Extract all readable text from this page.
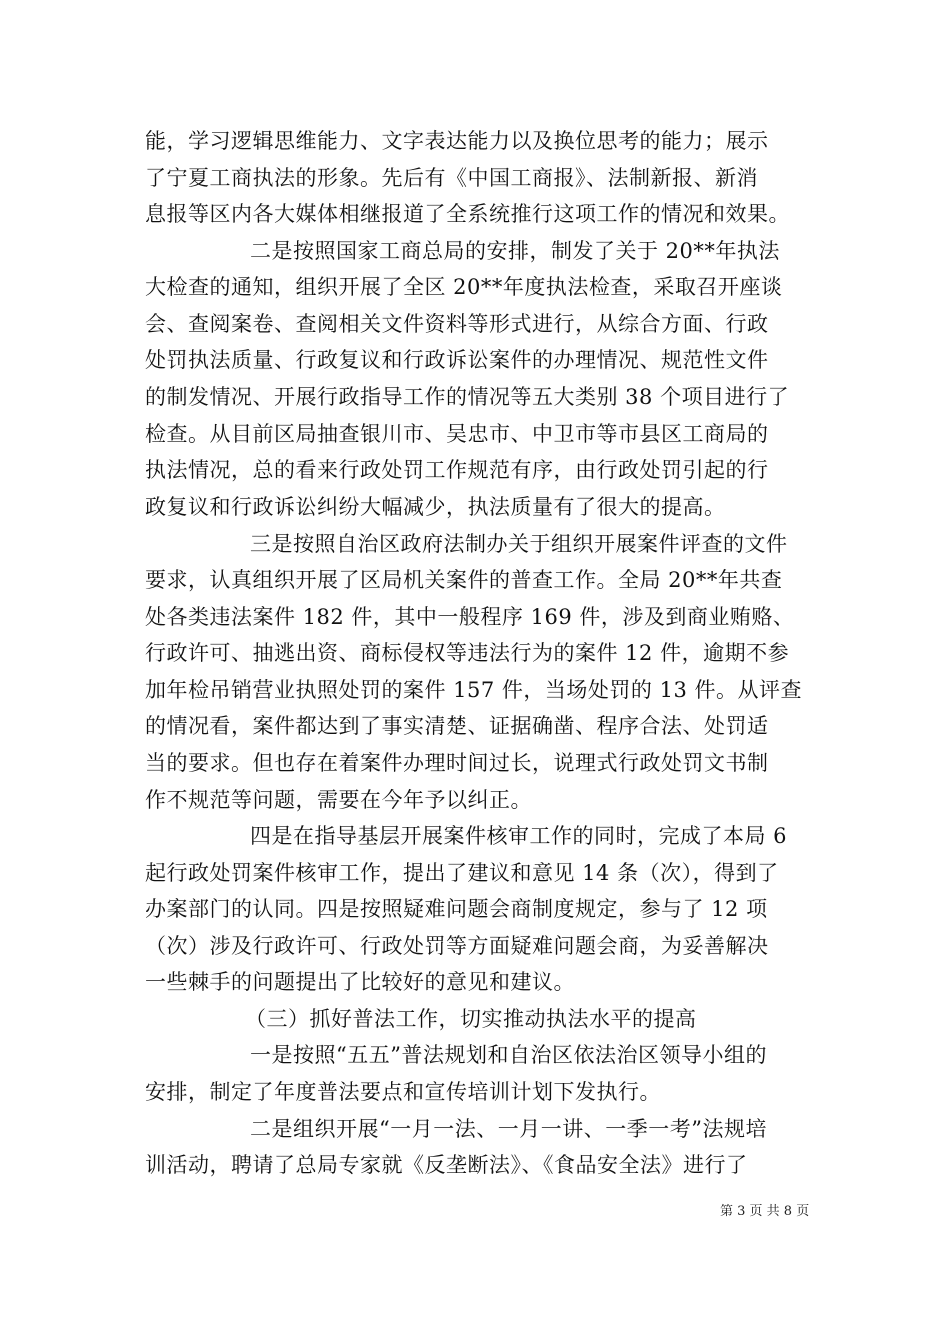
能，学习逻辑思维能力、文字表达能力以及换位思考的能力；展示
了宁夏工商执法的形象。先后有《中国工商报》、法制新报、新消
息报等区内各大媒体相继报道了全系统推行这项工作的情况和效果。
二是按照国家工商总局的安排，制发了关于 20**年执法
大检查的通知，组织开展了全区 20**年度执法检查，采取召开座谈
会、查阅案卷、查阅相关文件资料等形式进行，从综合方面、行政
处罚执法质量、行政复议和行政诉讼案件的办理情况、规范性文件
的制发情况、开展行政指导工作的情况等五大类别 38 个项目进行了
检查。从目前区局抽查银川市、吴忠市、中卫市等市县区工商局的
执法情况，总的看来行政处罚工作规范有序，由行政处罚引起的行
政复议和行政诉讼纠纷大幅减少，执法质量有了很大的提高。
三是按照自治区政府法制办关于组织开展案件评查的文件
要求，认真组织开展了区局机关案件的普查工作。全局 20**年共查
处各类违法案件 182 件，其中一般程序 169 件，涉及到商业贿赂、
行政许可、抽逃出资、商标侵权等违法行为的案件 12 件，逾期不参
加年检吊销营业执照处罚的案件 157 件，当场处罚的 13 件。从评查
的情况看，案件都达到了事实清楚、证据确凿、程序合法、处罚适
当的要求。但也存在着案件办理时间过长，说理式行政处罚文书制
作不规范等问题，需要在今年予以纠正。
四是在指导基层开展案件核审工作的同时，完成了本局 6
起行政处罚案件核审工作，提出了建议和意见 14 条（次），得到了
办案部门的认同。四是按照疑难问题会商制度规定，参与了 12 项
（次）涉及行政许可、行政处罚等方面疑难问题会商，为妥善解决
一些棘手的问题提出了比较好的意见和建议。
（三）抓好普法工作，切实推动执法水平的提高
一是按照“五五”普法规划和自治区依法治区领导小组的
安排，制定了年度普法要点和宣传培训计划下发执行。
二是组织开展“一月一法、一月一讲、一季一考”法规培
训活动，聘请了总局专家就《反垄断法》、《食品安全法》进行了
第 3 页 共 8 页
